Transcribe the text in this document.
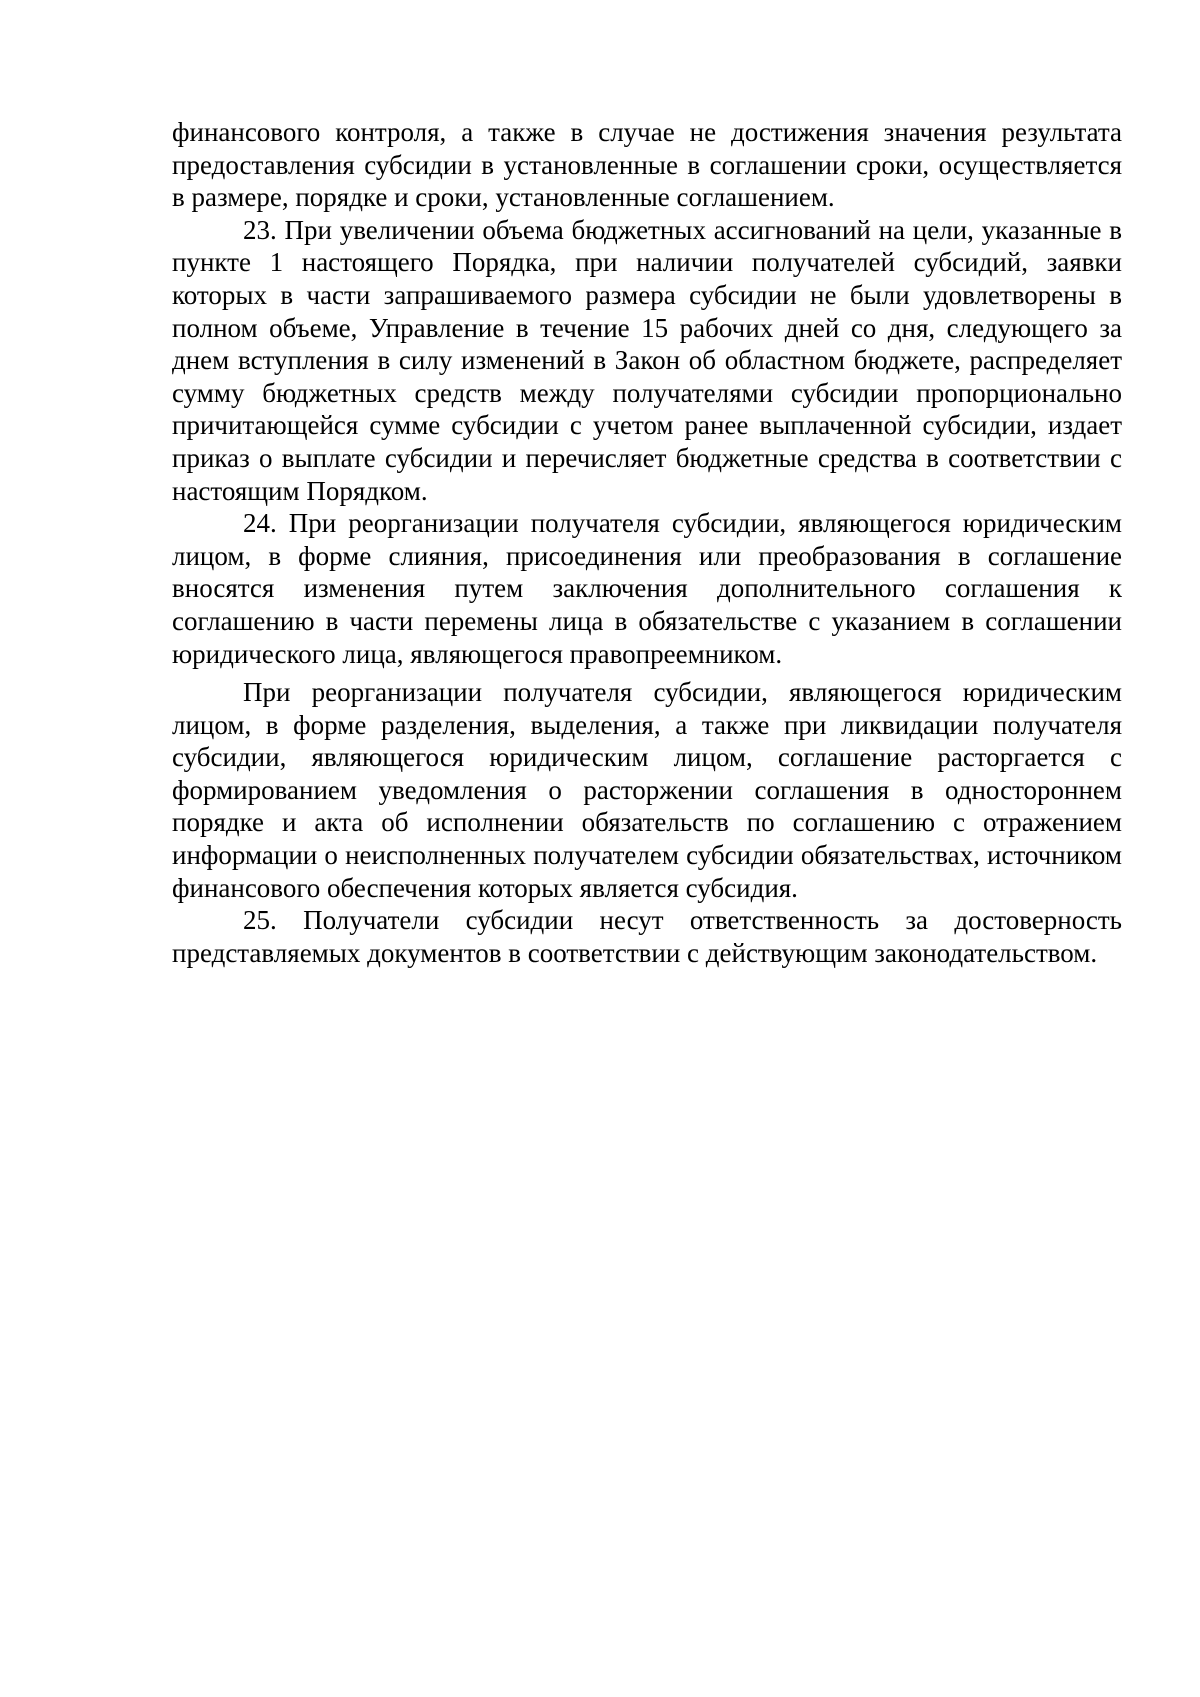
финансового контроля, а также в случае не достижения значения результата предоставления субсидии в установленные в соглашении сроки, осуществляется в размере, порядке и сроки, установленные соглашением.

23. При увеличении объема бюджетных ассигнований на цели, указанные в пункте 1 настоящего Порядка, при наличии получателей субсидий, заявки которых в части запрашиваемого размера субсидии не были удовлетворены в полном объеме, Управление в течение 15 рабочих дней со дня, следующего за днем вступления в силу изменений в Закон об областном бюджете, распределяет сумму бюджетных средств между получателями субсидии пропорционально причитающейся сумме субсидии с учетом ранее выплаченной субсидии, издает приказ о выплате субсидии и перечисляет бюджетные средства в соответствии с настоящим Порядком.

24. При реорганизации получателя субсидии, являющегося юридическим лицом, в форме слияния, присоединения или преобразования в соглашение вносятся изменения путем заключения дополнительного соглашения к соглашению в части перемены лица в обязательстве с указанием в соглашении юридического лица, являющегося правопреемником.

При реорганизации получателя субсидии, являющегося юридическим лицом, в форме разделения, выделения, а также при ликвидации получателя субсидии, являющегося юридическим лицом, соглашение расторгается с формированием уведомления о расторжении соглашения в одностороннем порядке и акта об исполнении обязательств по соглашению с отражением информации о неисполненных получателем субсидии обязательствах, источником финансового обеспечения которых является субсидия.

25. Получатели субсидии несут ответственность за достоверность представляемых документов в соответствии с действующим законодательством.
